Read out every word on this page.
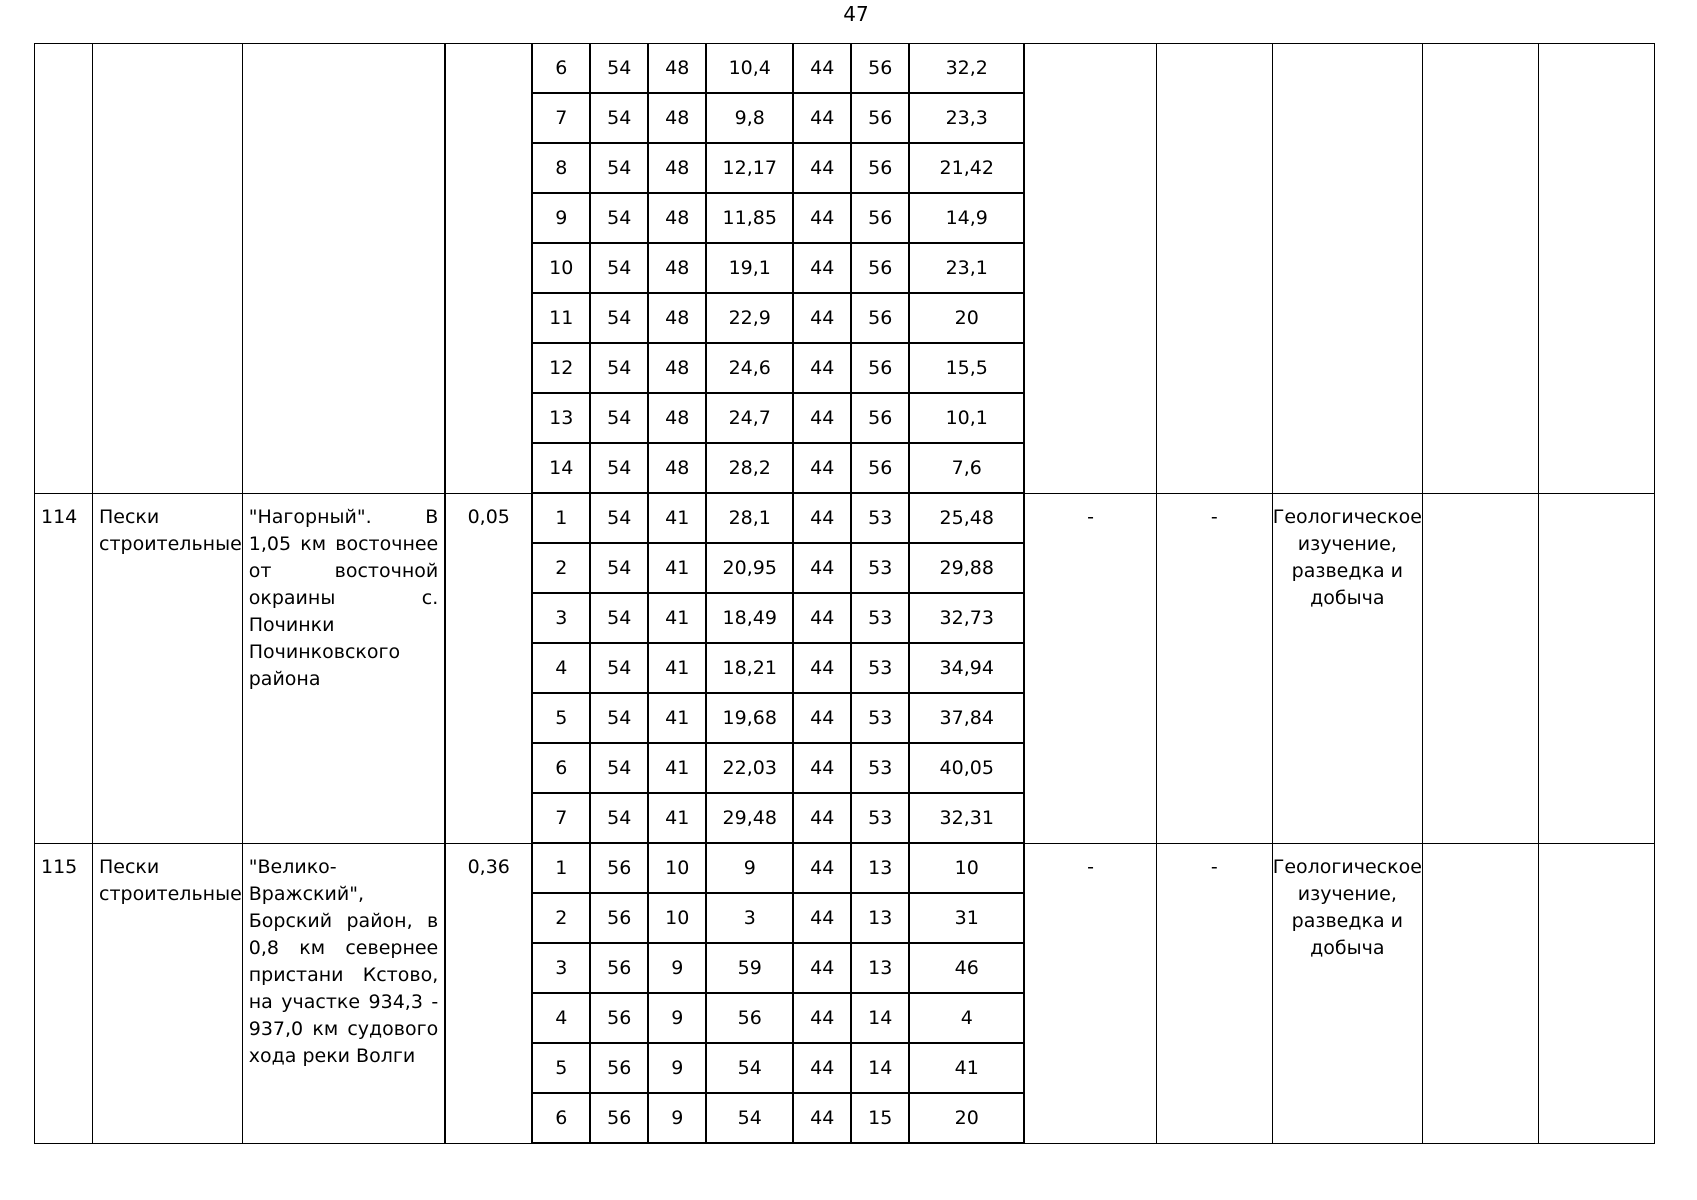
47
				6	54	48	10,4	44	56	32,2					
				7	54	48	9,8	44	56	23,3					
				8	54	48	12,17	44	56	21,42					
				9	54	48	11,85	44	56	14,9					
				10	54	48	19,1	44	56	23,1					
				11	54	48	22,9	44	56	20					
				12	54	48	24,6	44	56	15,5					
				13	54	48	24,7	44	56	10,1					
				14	54	48	28,2	44	56	7,6					
114	Пески строительные	"Нагорный". В 1,05 км восточнее от восточной окраины с. Починки Починковского района	0,05	1	54	41	28,1	44	53	25,48	-	-	Геологическое изучение, разведка и добыча		
				2	54	41	20,95	44	53	29,88					
				3	54	41	18,49	44	53	32,73					
				4	54	41	18,21	44	53	34,94					
				5	54	41	19,68	44	53	37,84					
				6	54	41	22,03	44	53	40,05					
				7	54	41	29,48	44	53	32,31					
115	Пески строительные	"Велико-Вражский", Борский район, в 0,8 км севернее пристани Кстово, на участке 934,3 - 937,0 км судового хода реки Волги	0,36	1	56	10	9	44	13	10	-	-	Геологическое изучение, разведка и добыча		
				2	56	10	3	44	13	31					
				3	56	9	59	44	13	46					
				4	56	9	56	44	14	4					
				5	56	9	54	44	14	41					
				6	56	9	54	44	15	20					
